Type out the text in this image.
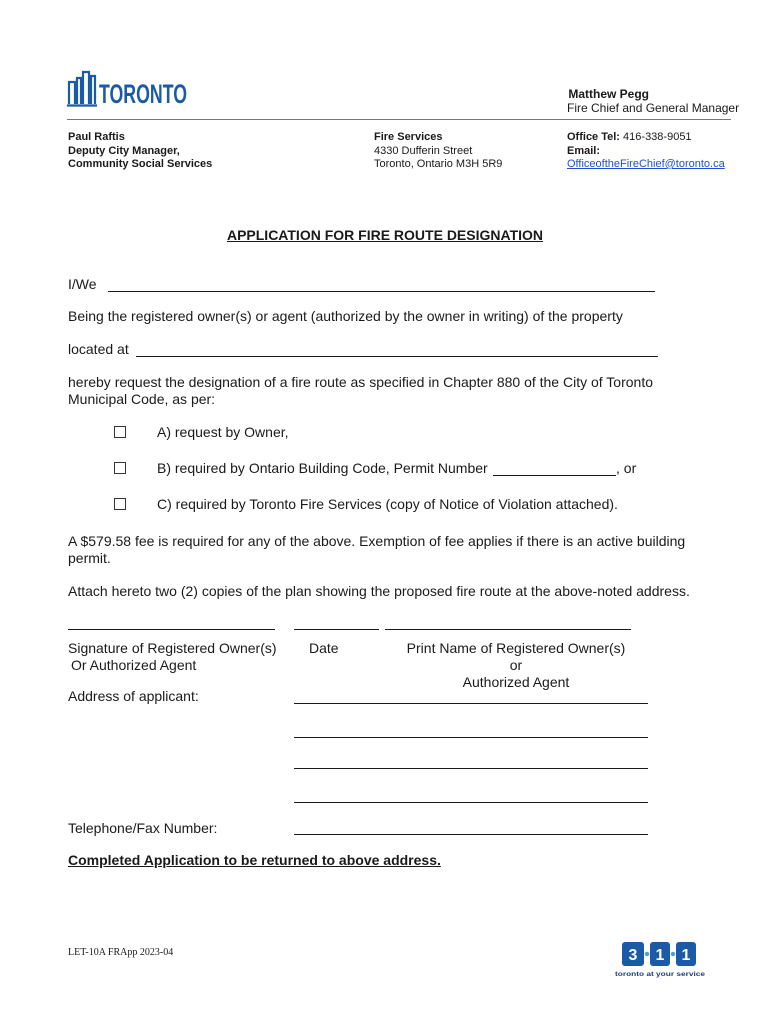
TORONTO	Matthew Pegg
Fire Chief and General Manager
Paul Raftis
Deputy City Manager,
Community Social Services
Fire Services
4330 Dufferin Street
Toronto, Ontario M3H 5R9
Office Tel: 416-338-9051
Email:
OfficeoftheFireChief@toronto.ca
APPLICATION FOR FIRE ROUTE DESIGNATION
I/We
Being the registered owner(s) or agent (authorized by the owner in writing) of the property
located at
hereby request the designation of a fire route as specified in Chapter 880 of the City of Toronto
Municipal Code, as per:
A) request by Owner,
B) required by Ontario Building Code, Permit Number	, or
C) required by Toronto Fire Services (copy of Notice of Violation attached).
A $579.58 fee is required for any of the above. Exemption of fee applies if there is an active building
permit.
Attach hereto two (2) copies of the plan showing the proposed fire route at the above-noted address.
Signature of Registered Owner(s)
Or Authorized Agent
Date	Print Name of Registered Owner(s) or
Authorized Agent
Address of applicant:
Telephone/Fax Number:
Completed Application to be returned to above address.
LET-10A FRApp 2023-04	3 1 1
toronto at your service
